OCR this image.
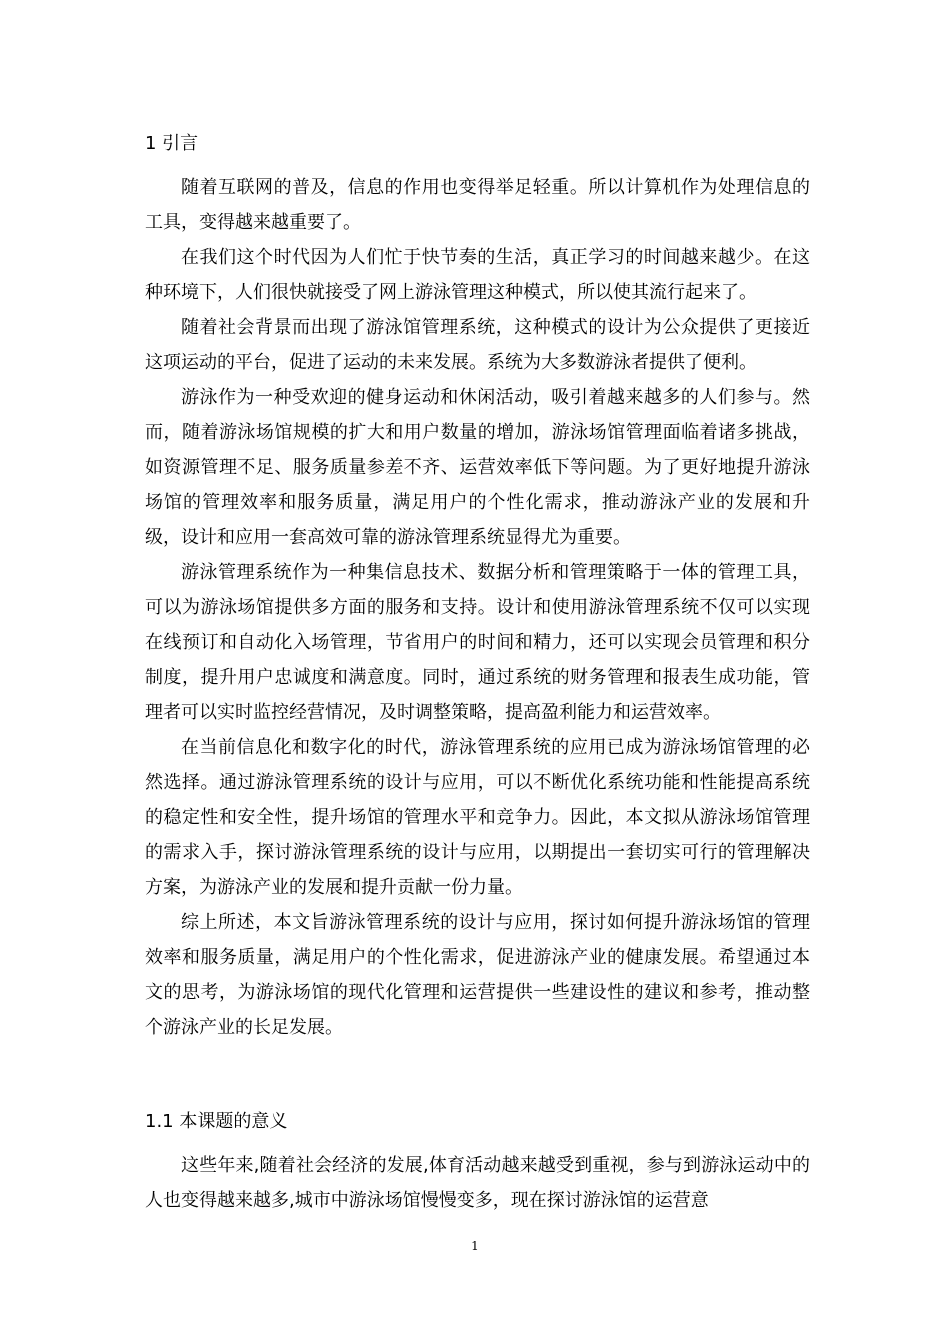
1 引言

随着互联网的普及，信息的作用也变得举足轻重。所以计算机作为处理信息的工具，变得越来越重要了。

在我们这个时代因为人们忙于快节奏的生活，真正学习的时间越来越少。在这种环境下，人们很快就接受了网上游泳管理这种模式，所以使其流行起来了。

随着社会背景而出现了游泳馆管理系统，这种模式的设计为公众提供了更接近这项运动的平台，促进了运动的未来发展。系统为大多数游泳者提供了便利。

游泳作为一种受欢迎的健身运动和休闲活动，吸引着越来越多的人们参与。然而，随着游泳场馆规模的扩大和用户数量的增加，游泳场馆管理面临着诸多挑战，如资源管理不足、服务质量参差不齐、运营效率低下等问题。为了更好地提升游泳场馆的管理效率和服务质量，满足用户的个性化需求，推动游泳产业的发展和升级，设计和应用一套高效可靠的游泳管理系统显得尤为重要。

游泳管理系统作为一种集信息技术、数据分析和管理策略于一体的管理工具，可以为游泳场馆提供多方面的服务和支持。设计和使用游泳管理系统不仅可以实现在线预订和自动化入场管理，节省用户的时间和精力，还可以实现会员管理和积分制度，提升用户忠诚度和满意度。同时，通过系统的财务管理和报表生成功能，管理者可以实时监控经营情况，及时调整策略，提高盈利能力和运营效率。

在当前信息化和数字化的时代，游泳管理系统的应用已成为游泳场馆管理的必然选择。通过游泳管理系统的设计与应用，可以不断优化系统功能和性能提高系统的稳定性和安全性，提升场馆的管理水平和竞争力。因此，本文拟从游泳场馆管理的需求入手，探讨游泳管理系统的设计与应用，以期提出一套切实可行的管理解决方案，为游泳产业的发展和提升贡献一份力量。

综上所述，本文旨游泳管理系统的设计与应用，探讨如何提升游泳场馆的管理效率和服务质量，满足用户的个性化需求，促进游泳产业的健康发展。希望通过本文的思考，为游泳场馆的现代化管理和运营提供一些建设性的建议和参考，推动整个游泳产业的长足发展。

1.1 本课题的意义

这些年来,随着社会经济的发展,体育活动越来越受到重视，参与到游泳运动中的人也变得越来越多,城市中游泳场馆慢慢变多，现在探讨游泳馆的运营意

1
